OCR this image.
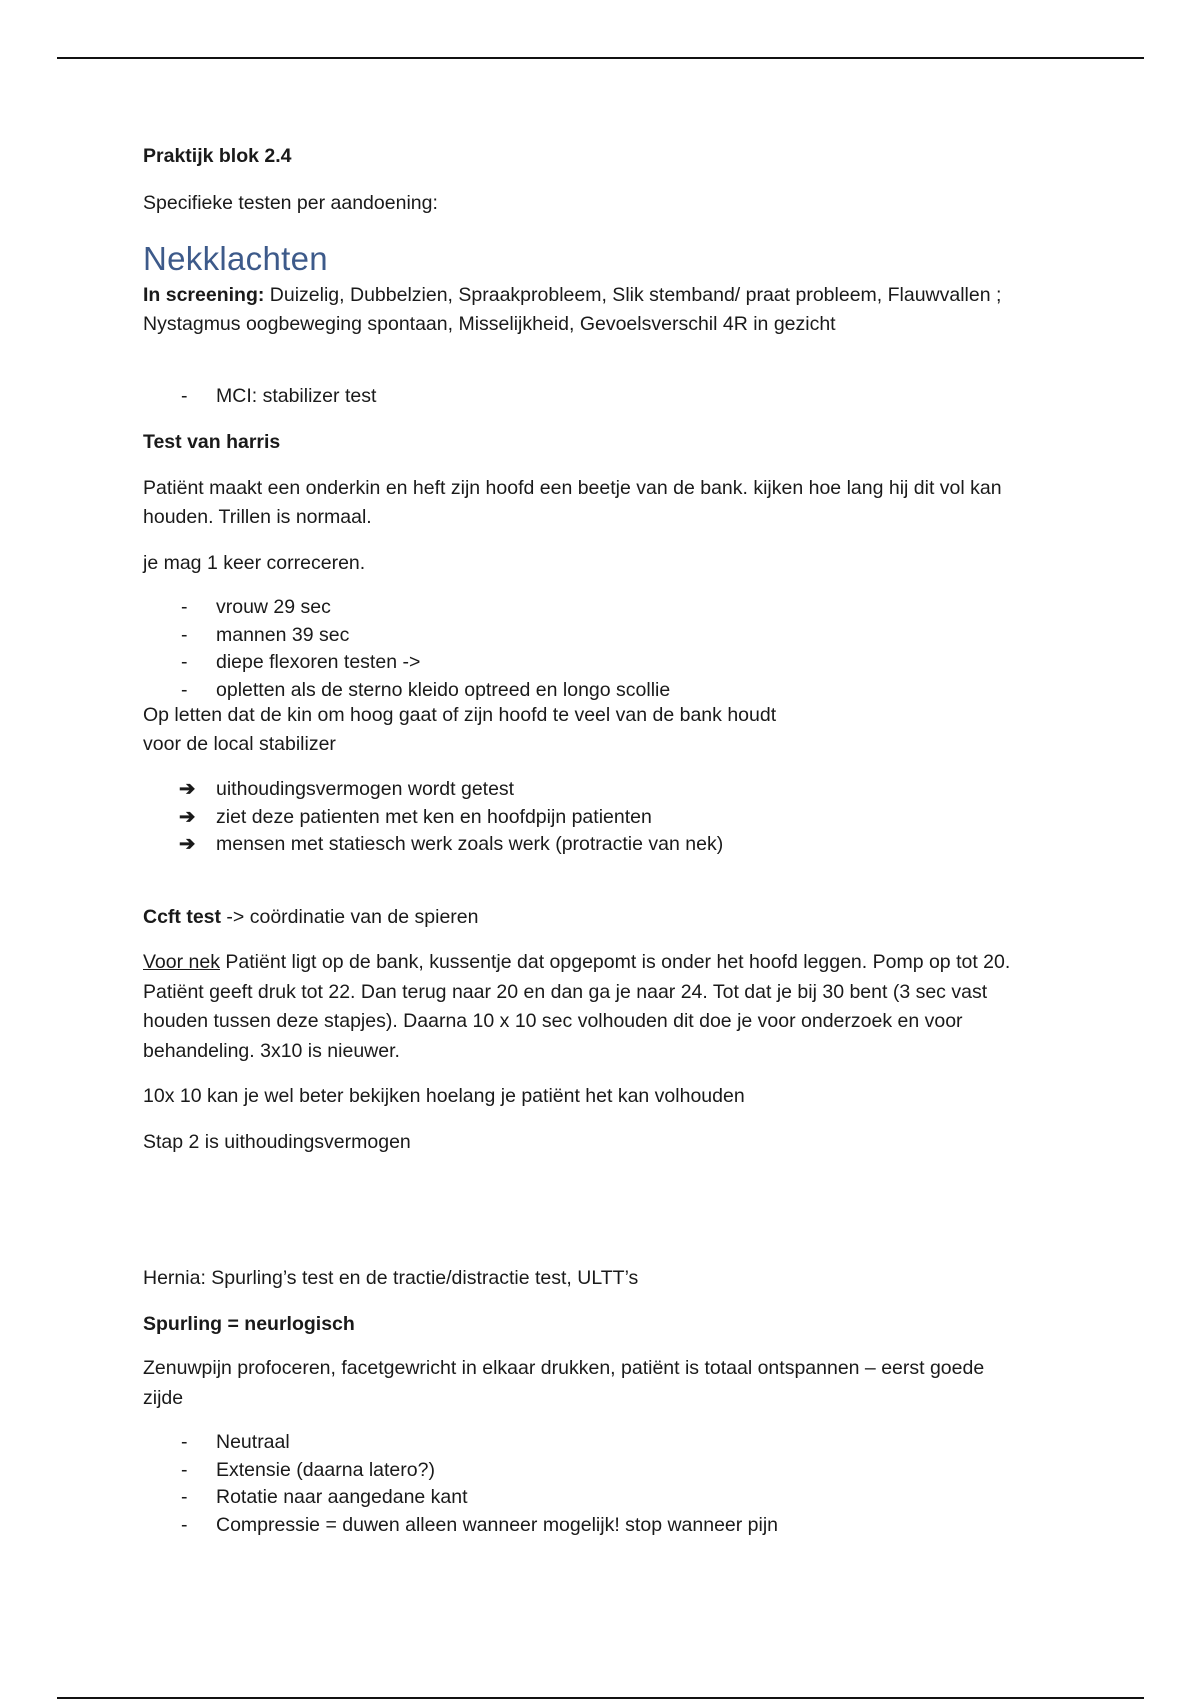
Praktijk blok 2.4
Specifieke testen per aandoening:
Nekklachten
In screening: Duizelig, Dubbelzien, Spraakprobleem, Slik stemband/ praat probleem, Flauwvallen ;
Nystagmus oogbeweging spontaan, Misselijkheid, Gevoelsverschil 4R in gezicht
-	MCI: stabilizer test
Test van harris
Patiënt maakt een onderkin en heft zijn hoofd een beetje van de bank. kijken hoe lang hij dit vol kan
houden. Trillen is normaal.
je mag 1 keer correceren.
-	vrouw 29 sec
-	mannen 39 sec
-	diepe flexoren testen ->
-	opletten als de sterno kleido optreed en longo scollie
Op letten dat de kin om hoog gaat of zijn hoofd te veel van de bank houdt
voor de local stabilizer
➔ uithoudingsvermogen wordt getest
➔ ziet deze patienten met ken en hoofdpijn patienten
➔ mensen met statiesch werk zoals werk (protractie van nek)
Ccft test -> coördinatie van de spieren
Voor nek Patiënt ligt op de bank, kussentje dat opgepomt is onder het hoofd leggen. Pomp op tot 20.
Patiënt geeft druk tot 22. Dan terug naar 20 en dan ga je naar 24. Tot dat je bij 30 bent (3 sec vast
houden tussen deze stapjes). Daarna 10 x 10 sec volhouden dit doe je voor onderzoek en voor
behandeling. 3x10 is nieuwer.
10x 10 kan je wel beter bekijken hoelang je patiënt het kan volhouden
Stap 2 is uithoudingsvermogen
Hernia: Spurling’s test en de tractie/distractie test, ULTT’s
Spurling = neurlogisch
Zenuwpijn profoceren, facetgewricht in elkaar drukken, patiënt is totaal ontspannen – eerst goede
zijde
-	Neutraal
-	Extensie (daarna latero?)
-	Rotatie naar aangedane kant
-	Compressie = duwen alleen wanneer mogelijk! stop wanneer pijn
